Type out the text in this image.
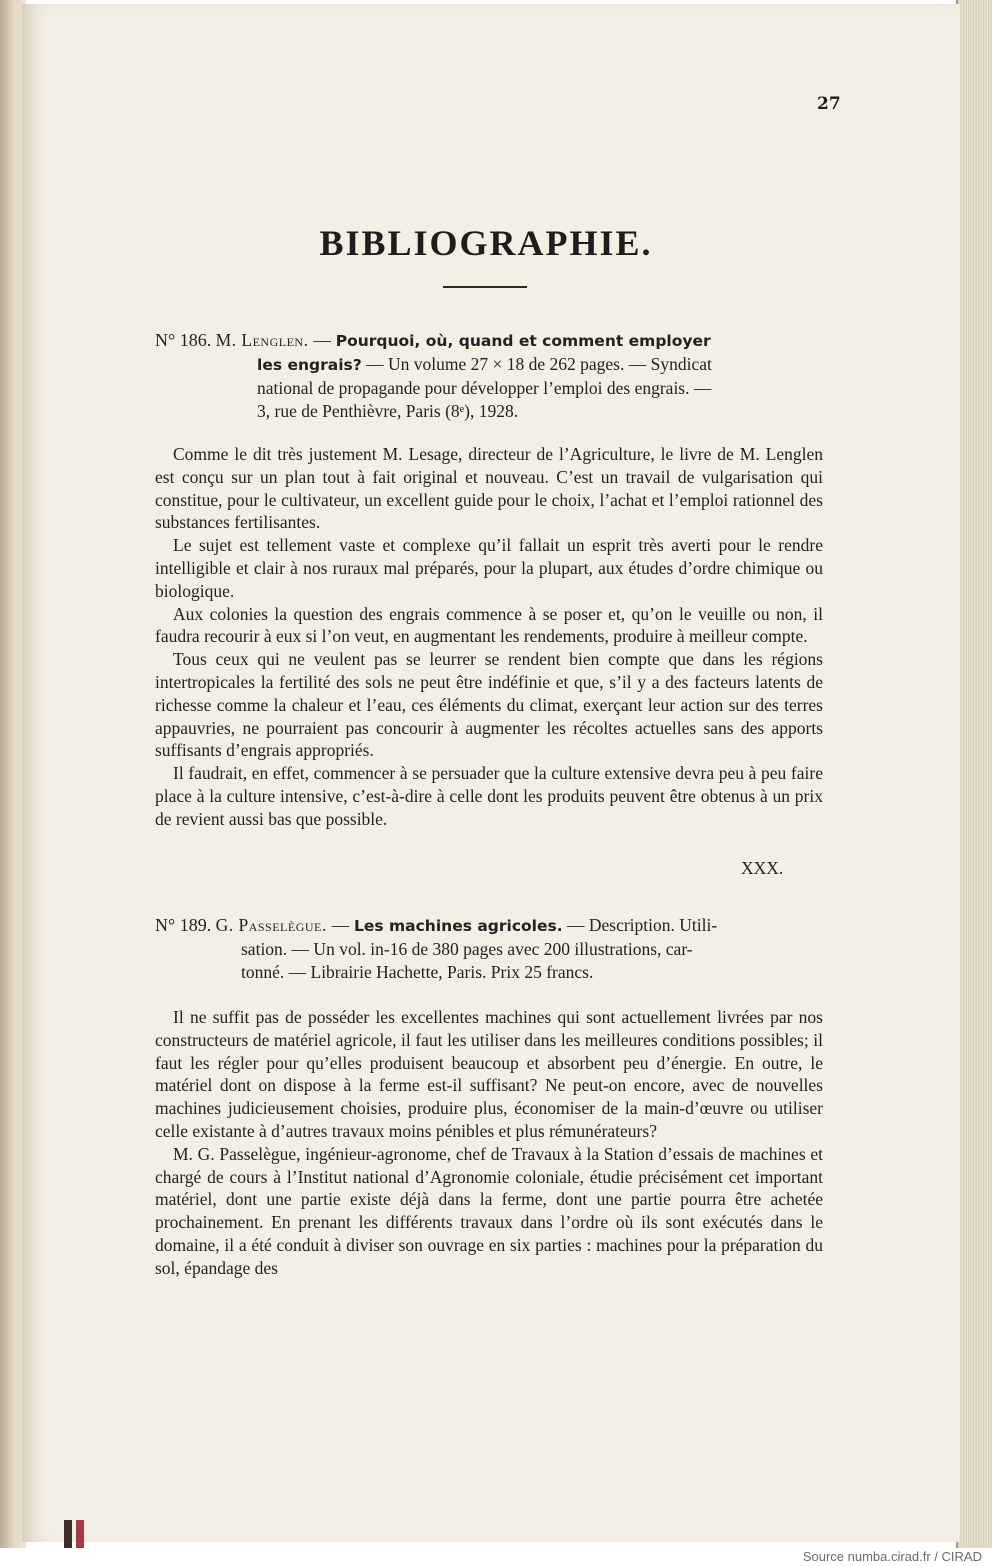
27
BIBLIOGRAPHIE.
N° 186. M. Lenglen. — Pourquoi, où, quand et comment employer
les engrais? — Un volume 27 × 18 de 262 pages. — Syndicat
national de propagande pour développer l’emploi des engrais. —
3, rue de Penthièvre, Paris (8ᵉ), 1928.

Comme le dit très justement M. Lesage, directeur de l’Agriculture, le livre de M. Lenglen est conçu sur un plan tout à fait original et nouveau. C’est un travail de vulgarisation qui constitue, pour le cultivateur, un excellent guide pour le choix, l’achat et l’emploi rationnel des substances fertilisantes.

Le sujet est tellement vaste et complexe qu’il fallait un esprit très averti pour le rendre intelligible et clair à nos ruraux mal préparés, pour la plupart, aux études d’ordre chimique ou biologique.

Aux colonies la question des engrais commence à se poser et, qu’on le veuille ou non, il faudra recourir à eux si l’on veut, en augmentant les rendements, produire à meilleur compte.

Tous ceux qui ne veulent pas se leurrer se rendent bien compte que dans les régions intertropicales la fertilité des sols ne peut être indéfinie et que, s’il y a des facteurs latents de richesse comme la chaleur et l’eau, ces éléments du climat, exerçant leur action sur des terres appauvries, ne pourraient pas concourir à augmenter les récoltes actuelles sans des apports suffisants d’engrais appropriés.

Il faudrait, en effet, commencer à se persuader que la culture extensive devra peu à peu faire place à la culture intensive, c’est-à-dire à celle dont les produits peuvent être obtenus à un prix de revient aussi bas que possible.

XXX.
N° 189. G. Passelègue. — Les machines agricoles. — Description. Utili-
sation. — Un vol. in-16 de 380 pages avec 200 illustrations, car-
tonné. — Librairie Hachette, Paris. Prix 25 francs.

Il ne suffit pas de posséder les excellentes machines qui sont actuellement livrées par nos constructeurs de matériel agricole, il faut les utiliser dans les meilleures conditions possibles; il faut les régler pour qu’elles produisent beaucoup et absorbent peu d’énergie. En outre, le matériel dont on dispose à la ferme est-il suffisant? Ne peut-on encore, avec de nouvelles machines judicieusement choisies, produire plus, économiser de la main-d’œuvre ou utiliser celle existante à d’autres travaux moins pénibles et plus rémunérateurs?

M. G. Passelègue, ingénieur-agronome, chef de Travaux à la Station d’essais de machines et chargé de cours à l’Institut national d’Agronomie coloniale, étudie précisément cet important matériel, dont une partie existe déjà dans la ferme, dont une partie pourra être achetée prochainement. En prenant les différents travaux dans l’ordre où ils sont exécutés dans le domaine, il a été conduit à diviser son ouvrage en six parties : machines pour la préparation du sol, épandage des

Source numba.cirad.fr / CIRAD
